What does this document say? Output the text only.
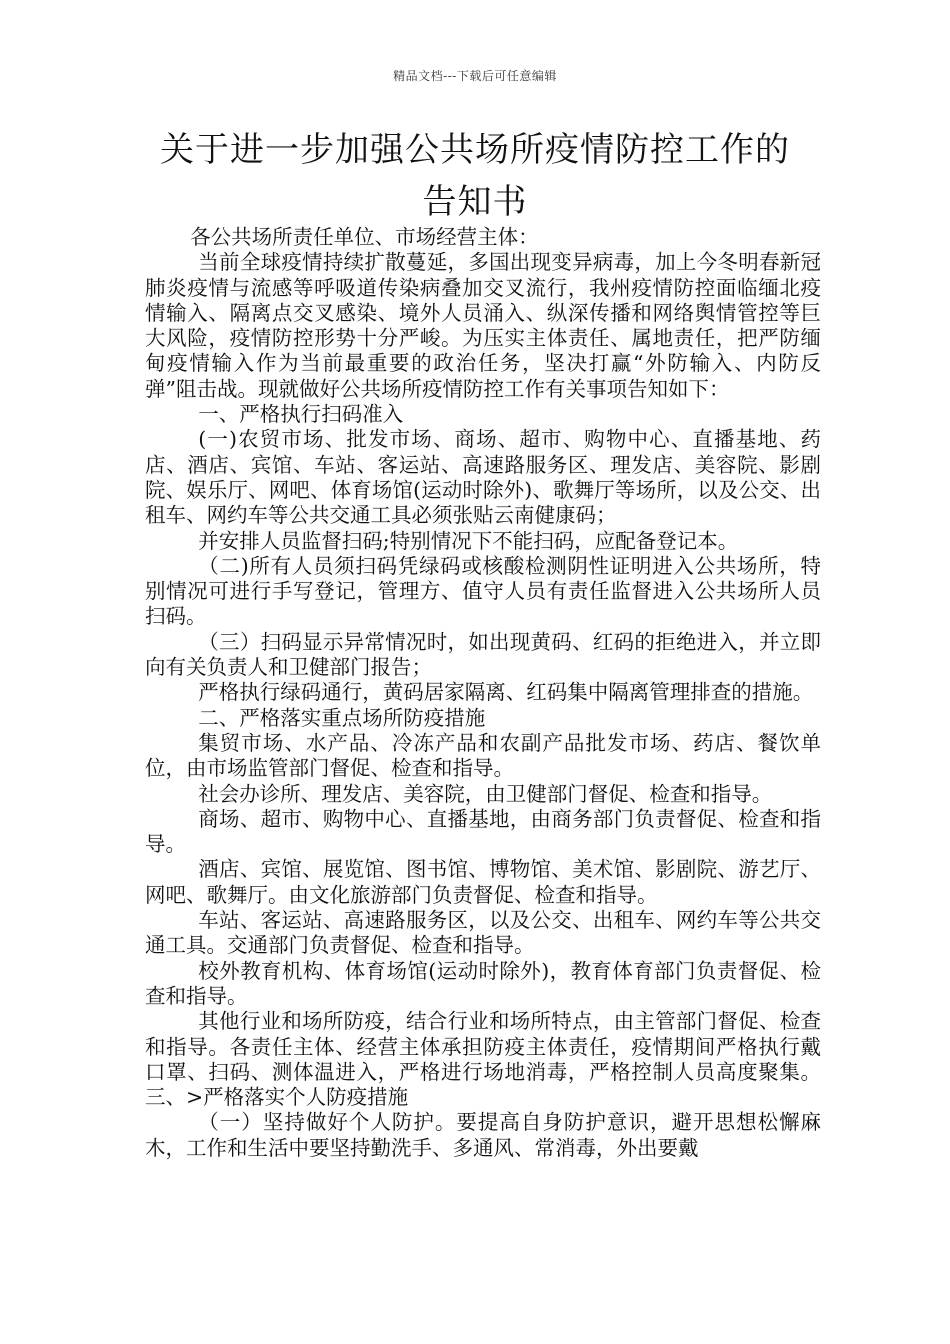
精品文档---下载后可任意编辑
关于进一步加强公共场所疫情防控工作的
告知书

各公共场所责任单位、市场经营主体：

当前全球疫情持续扩散蔓延，多国出现变异病毒，加上今冬明春新冠肺炎疫情与流感等呼吸道传染病叠加交叉流行，我州疫情防控面临缅北疫情输入、隔离点交叉感染、境外人员涌入、纵深传播和网络舆情管控等巨大风险，疫情防控形势十分严峻。为压实主体责任、属地责任，把严防缅甸疫情输入作为当前最重要的政治任务，坚决打赢“外防输入、内防反弹”阻击战。现就做好公共场所疫情防控工作有关事项告知如下：

一、严格执行扫码准入

(一)农贸市场、批发市场、商场、超市、购物中心、直播基地、药店、酒店、宾馆、车站、客运站、高速路服务区、理发店、美容院、影剧院、娱乐厅、网吧、体育场馆(运动时除外)、歌舞厅等场所，以及公交、出租车、网约车等公共交通工具必须张贴云南健康码；

并安排人员监督扫码;特别情况下不能扫码，应配备登记本。

（二)所有人员须扫码凭绿码或核酸检测阴性证明进入公共场所，特别情况可进行手写登记，管理方、值守人员有责任监督进入公共场所人员扫码。

（三）扫码显示异常情况时，如出现黄码、红码的拒绝进入，并立即向有关负责人和卫健部门报告；

严格执行绿码通行，黄码居家隔离、红码集中隔离管理排查的措施。

二、严格落实重点场所防疫措施

集贸市场、水产品、冷冻产品和农副产品批发市场、药店、餐饮单位，由市场监管部门督促、检查和指导。

社会办诊所、理发店、美容院，由卫健部门督促、检查和指导。

商场、超市、购物中心、直播基地，由商务部门负责督促、检查和指导。

酒店、宾馆、展览馆、图书馆、博物馆、美术馆、影剧院、游艺厅、网吧、歌舞厅。由文化旅游部门负责督促、检查和指导。

车站、客运站、高速路服务区，以及公交、出租车、网约车等公共交通工具。交通部门负责督促、检查和指导。

校外教育机构、体育场馆(运动时除外)，教育体育部门负责督促、检查和指导。

其他行业和场所防疫，结合行业和场所特点，由主管部门督促、检查和指导。各责任主体、经营主体承担防疫主体责任，疫情期间严格执行戴口罩、扫码、测体温进入，严格进行场地消毒，严格控制人员高度聚集。三、>严格落实个人防疫措施

（一）坚持做好个人防护。要提高自身防护意识，避开思想松懈麻木，工作和生活中要坚持勤洗手、多通风、常消毒，外出要戴
